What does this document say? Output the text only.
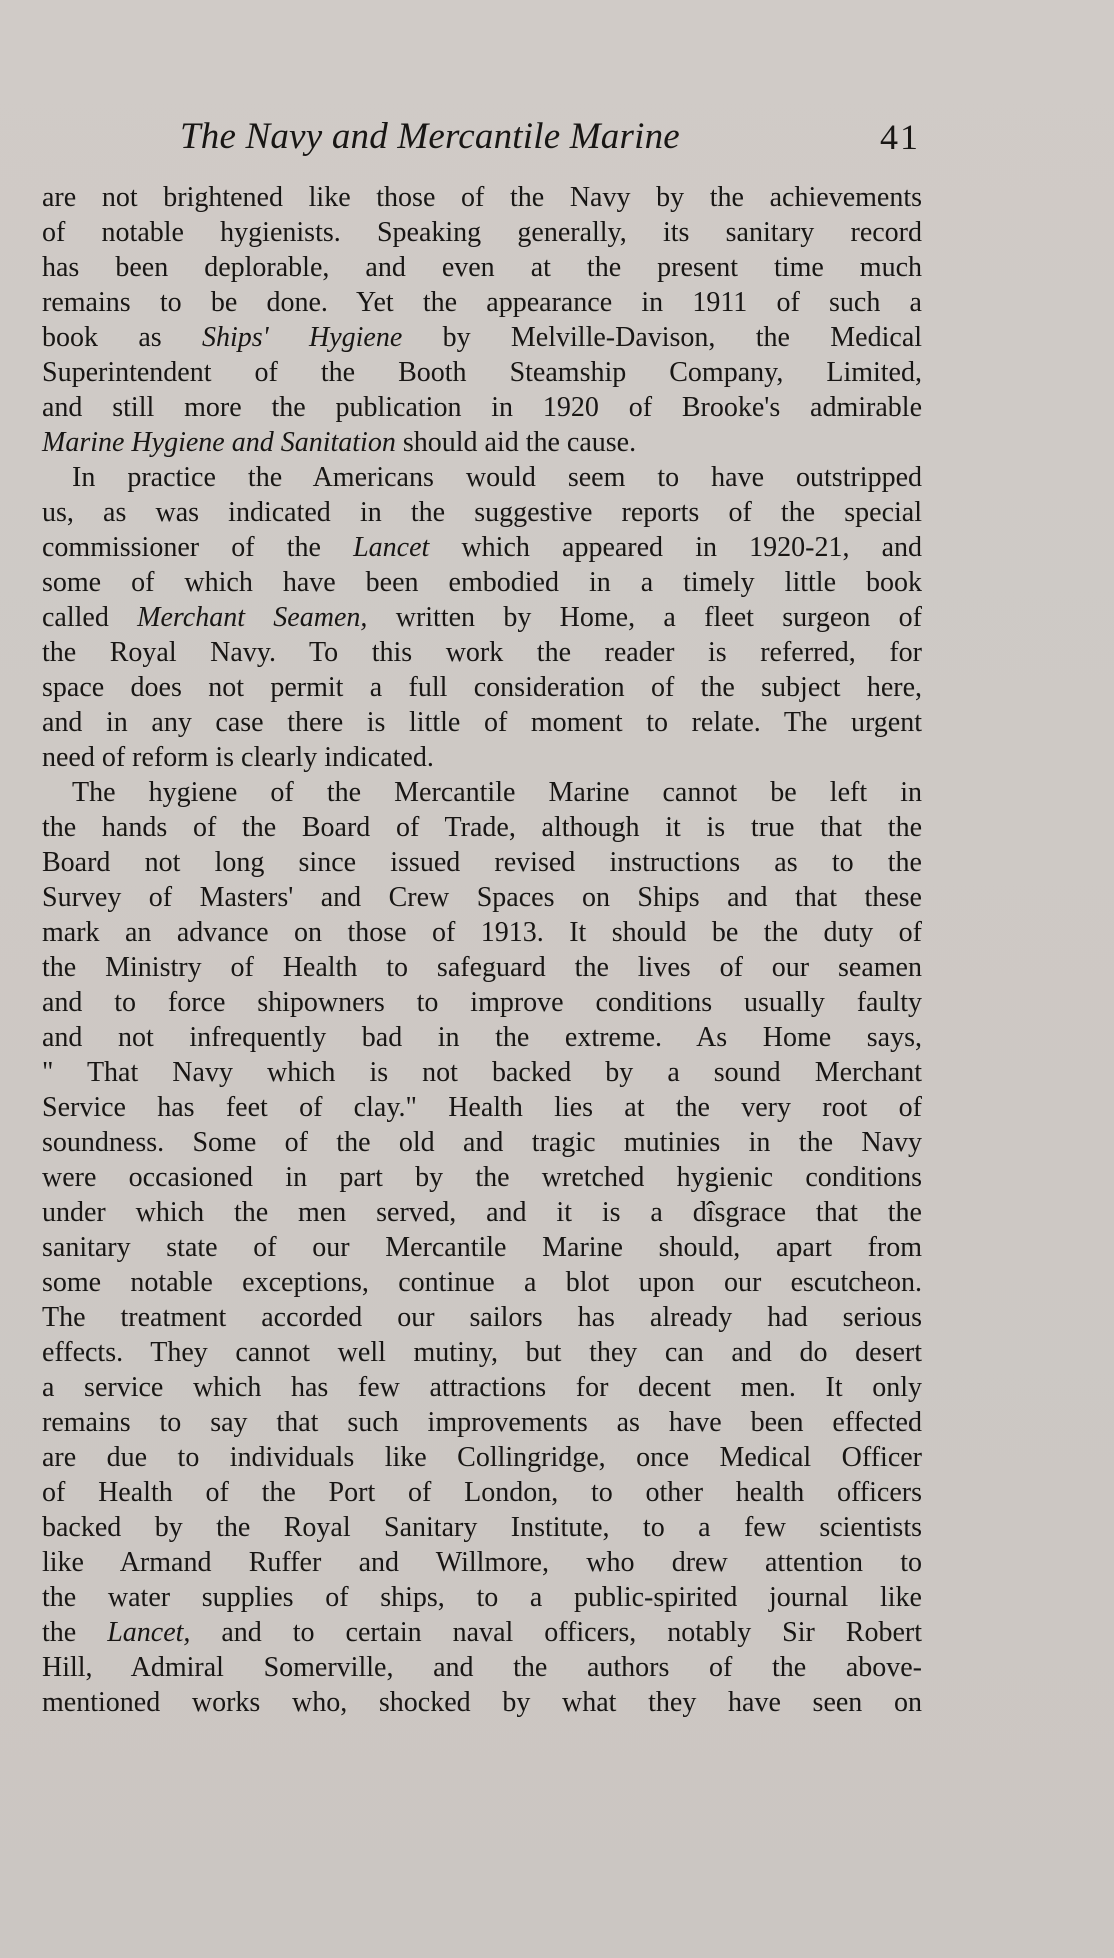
The Navy and Mercantile Marine	41
are not brightened like those of the Navy by the achievements
of notable hygienists. Speaking generally, its sanitary record
has been deplorable, and even at the present time much
remains to be done. Yet the appearance in 1911 of such a
book as Ships' Hygiene by Melville-Davison, the Medical
Superintendent of the Booth Steamship Company, Limited,
and still more the publication in 1920 of Brooke's admirable
Marine Hygiene and Sanitation should aid the cause.
In practice the Americans would seem to have outstripped
us, as was indicated in the suggestive reports of the special
commissioner of the Lancet which appeared in 1920-21, and
some of which have been embodied in a timely little book
called Merchant Seamen, written by Home, a fleet surgeon of
the Royal Navy. To this work the reader is referred, for
space does not permit a full consideration of the subject here,
and in any case there is little of moment to relate. The urgent
need of reform is clearly indicated.
The hygiene of the Mercantile Marine cannot be left in
the hands of the Board of Trade, although it is true that the
Board not long since issued revised instructions as to the
Survey of Masters' and Crew Spaces on Ships and that these
mark an advance on those of 1913. It should be the duty of
the Ministry of Health to safeguard the lives of our seamen
and to force shipowners to improve conditions usually faulty
and not infrequently bad in the extreme. As Home says,
" That Navy which is not backed by a sound Merchant
Service has feet of clay." Health lies at the very root of
soundness. Some of the old and tragic mutinies in the Navy
were occasioned in part by the wretched hygienic conditions
under which the men served, and it is a dîsgrace that the
sanitary state of our Mercantile Marine should, apart from
some notable exceptions, continue a blot upon our escutcheon.
The treatment accorded our sailors has already had serious
effects. They cannot well mutiny, but they can and do desert
a service which has few attractions for decent men. It only
remains to say that such improvements as have been effected
are due to individuals like Collingridge, once Medical Officer
of Health of the Port of London, to other health officers
backed by the Royal Sanitary Institute, to a few scientists
like Armand Ruffer and Willmore, who drew attention to
the water supplies of ships, to a public-spirited journal like
the Lancet, and to certain naval officers, notably Sir Robert
Hill, Admiral Somerville, and the authors of the above-
mentioned works who, shocked by what they have seen on
